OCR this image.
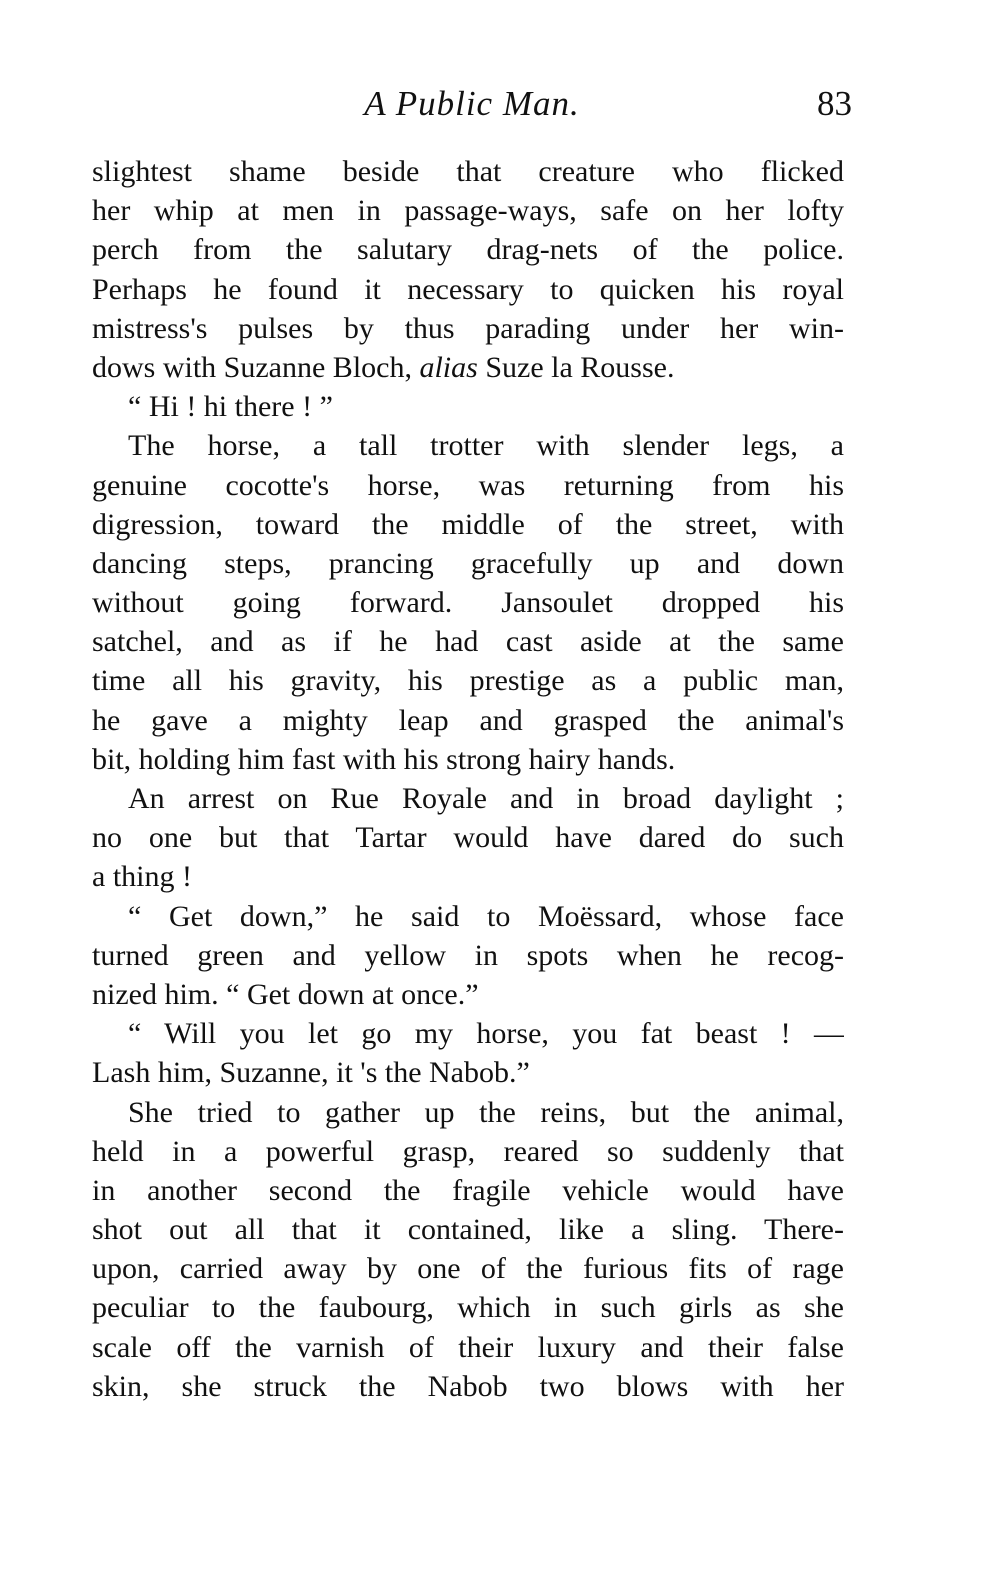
A Public Man.	83
slightest shame beside that creature who flicked
her whip at men in passage-ways, safe on her lofty
perch from the salutary drag-nets of the police.
Perhaps he found it necessary to quicken his royal
mistress's pulses by thus parading under her win-
dows with Suzanne Bloch, alias Suze la Rousse.
“ Hi ! hi there ! ”
The horse, a tall trotter with slender legs, a
genuine cocotte's horse, was returning from his
digression, toward the middle of the street, with
dancing steps, prancing gracefully up and down
without going forward. Jansoulet dropped his
satchel, and as if he had cast aside at the same
time all his gravity, his prestige as a public man,
he gave a mighty leap and grasped the animal's
bit, holding him fast with his strong hairy hands.
An arrest on Rue Royale and in broad daylight ;
no one but that Tartar would have dared do such
a thing !
“ Get down,” he said to Moëssard, whose face
turned green and yellow in spots when he recog-
nized him. “ Get down at once.”
“ Will you let go my horse, you fat beast ! —
Lash him, Suzanne, it 's the Nabob.”
She tried to gather up the reins, but the animal,
held in a powerful grasp, reared so suddenly that
in another second the fragile vehicle would have
shot out all that it contained, like a sling. There-
upon, carried away by one of the furious fits of rage
peculiar to the faubourg, which in such girls as she
scale off the varnish of their luxury and their false
skin, she struck the Nabob two blows with her
